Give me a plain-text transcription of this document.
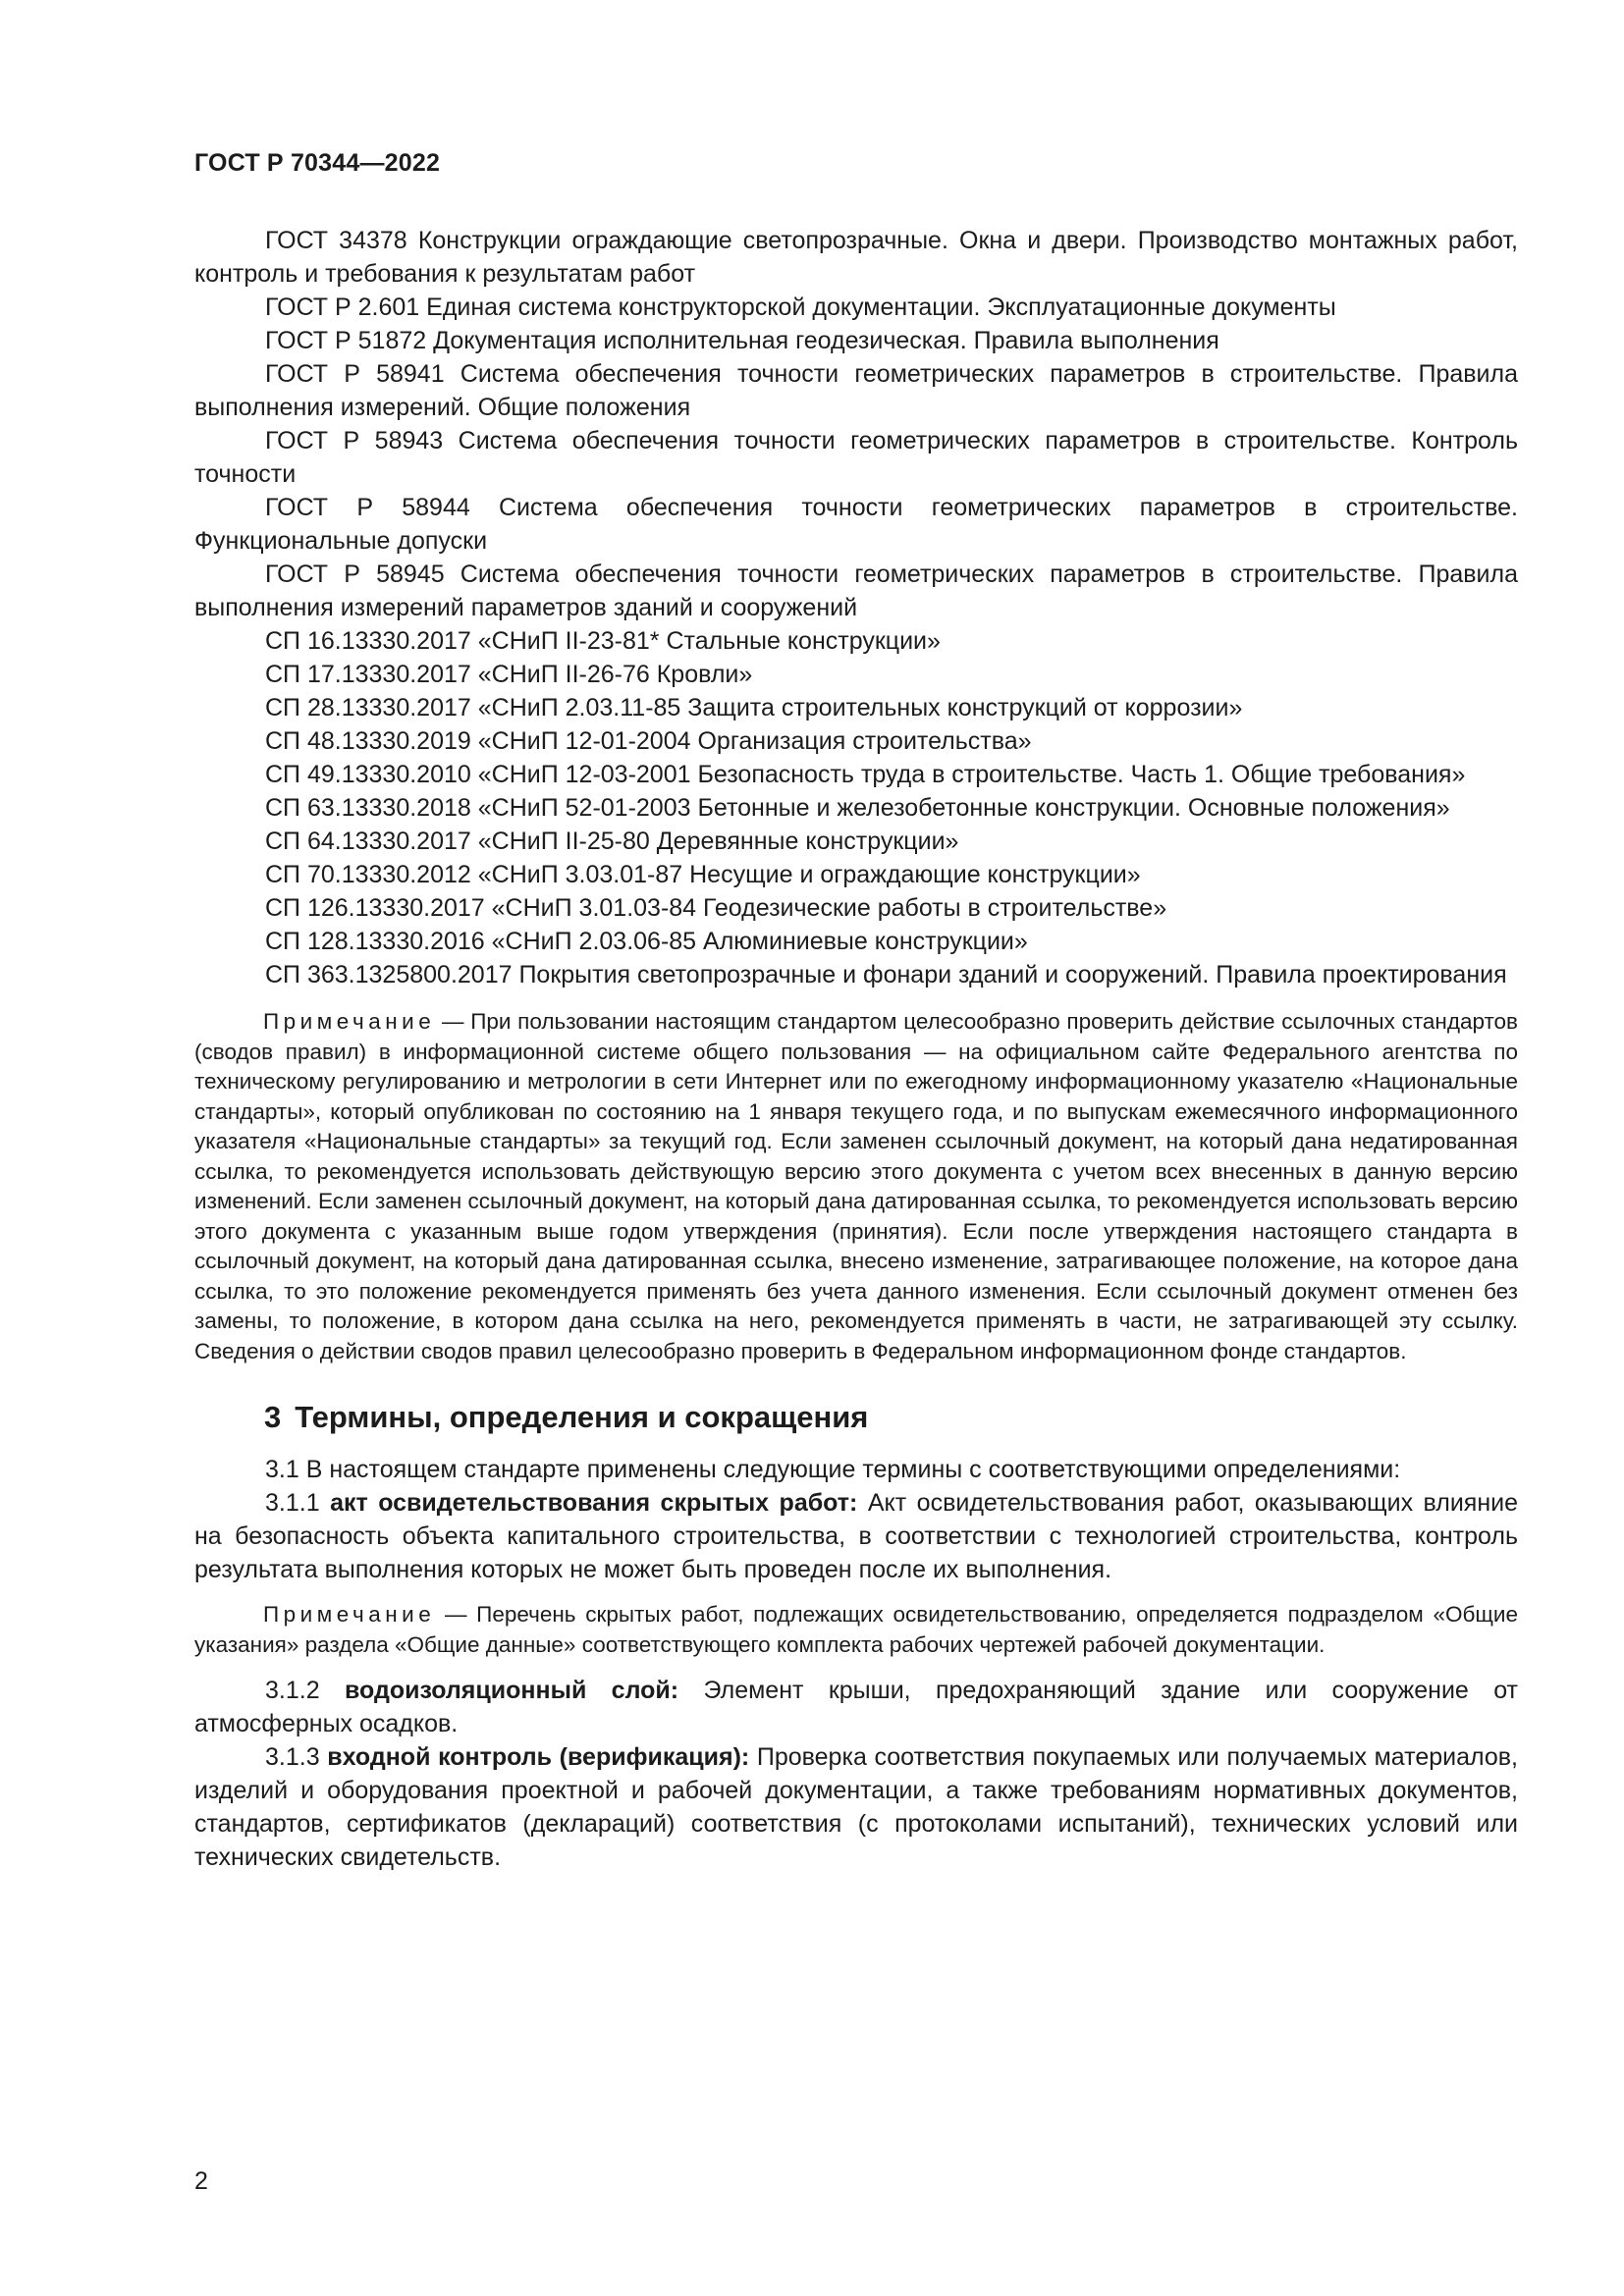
ГОСТ Р 70344—2022

ГОСТ 34378 Конструкции ограждающие светопрозрачные. Окна и двери. Производство монтажных работ, контроль и требования к результатам работ

ГОСТ Р 2.601 Единая система конструкторской документации. Эксплуатационные документы

ГОСТ Р 51872 Документация исполнительная геодезическая. Правила выполнения

ГОСТ Р 58941 Система обеспечения точности геометрических параметров в строительстве. Правила выполнения измерений. Общие положения

ГОСТ Р 58943 Система обеспечения точности геометрических параметров в строительстве. Контроль точности

ГОСТ Р 58944 Система обеспечения точности геометрических параметров в строительстве. Функциональные допуски

ГОСТ Р 58945 Система обеспечения точности геометрических параметров в строительстве. Правила выполнения измерений параметров зданий и сооружений

СП 16.13330.2017 «СНиП II-23-81* Стальные конструкции»

СП 17.13330.2017 «СНиП II-26-76 Кровли»

СП 28.13330.2017 «СНиП 2.03.11-85 Защита строительных конструкций от коррозии»

СП 48.13330.2019 «СНиП 12-01-2004 Организация строительства»

СП 49.13330.2010 «СНиП 12-03-2001 Безопасность труда в строительстве. Часть 1. Общие требования»

СП 63.13330.2018 «СНиП 52-01-2003 Бетонные и железобетонные конструкции. Основные положения»

СП 64.13330.2017 «СНиП II-25-80 Деревянные конструкции»

СП 70.13330.2012 «СНиП 3.03.01-87 Несущие и ограждающие конструкции»

СП 126.13330.2017 «СНиП 3.01.03-84 Геодезические работы в строительстве»

СП 128.13330.2016 «СНиП 2.03.06-85 Алюминиевые конструкции»

СП 363.1325800.2017 Покрытия светопрозрачные и фонари зданий и сооружений. Правила проектирования

Примечание — При пользовании настоящим стандартом целесообразно проверить действие ссылочных стандартов (сводов правил) в информационной системе общего пользования — на официальном сайте Федерального агентства по техническому регулированию и метрологии в сети Интернет или по ежегодному информационному указателю «Национальные стандарты», который опубликован по состоянию на 1 января текущего года, и по выпускам ежемесячного информационного указателя «Национальные стандарты» за текущий год. Если заменен ссылочный документ, на который дана недатированная ссылка, то рекомендуется использовать действующую версию этого документа с учетом всех внесенных в данную версию изменений. Если заменен ссылочный документ, на который дана датированная ссылка, то рекомендуется использовать версию этого документа с указанным выше годом утверждения (принятия). Если после утверждения настоящего стандарта в ссылочный документ, на который дана датированная ссылка, внесено изменение, затрагивающее положение, на которое дана ссылка, то это положение рекомендуется применять без учета данного изменения. Если ссылочный документ отменен без замены, то положение, в котором дана ссылка на него, рекомендуется применять в части, не затрагивающей эту ссылку. Сведения о действии сводов правил целесообразно проверить в Федеральном информационном фонде стандартов.

3 Термины, определения и сокращения

3.1 В настоящем стандарте применены следующие термины с соответствующими определениями:

3.1.1 акт освидетельствования скрытых работ: Акт освидетельствования работ, оказывающих влияние на безопасность объекта капитального строительства, в соответствии с технологией строительства, контроль результата выполнения которых не может быть проведен после их выполнения.

Примечание — Перечень скрытых работ, подлежащих освидетельствованию, определяется подразделом «Общие указания» раздела «Общие данные» соответствующего комплекта рабочих чертежей рабочей документации.

3.1.2 водоизоляционный слой: Элемент крыши, предохраняющий здание или сооружение от атмосферных осадков.

3.1.3 входной контроль (верификация): Проверка соответствия покупаемых или получаемых материалов, изделий и оборудования проектной и рабочей документации, а также требованиям нормативных документов, стандартов, сертификатов (деклараций) соответствия (с протоколами испытаний), технических условий или технических свидетельств.

2
